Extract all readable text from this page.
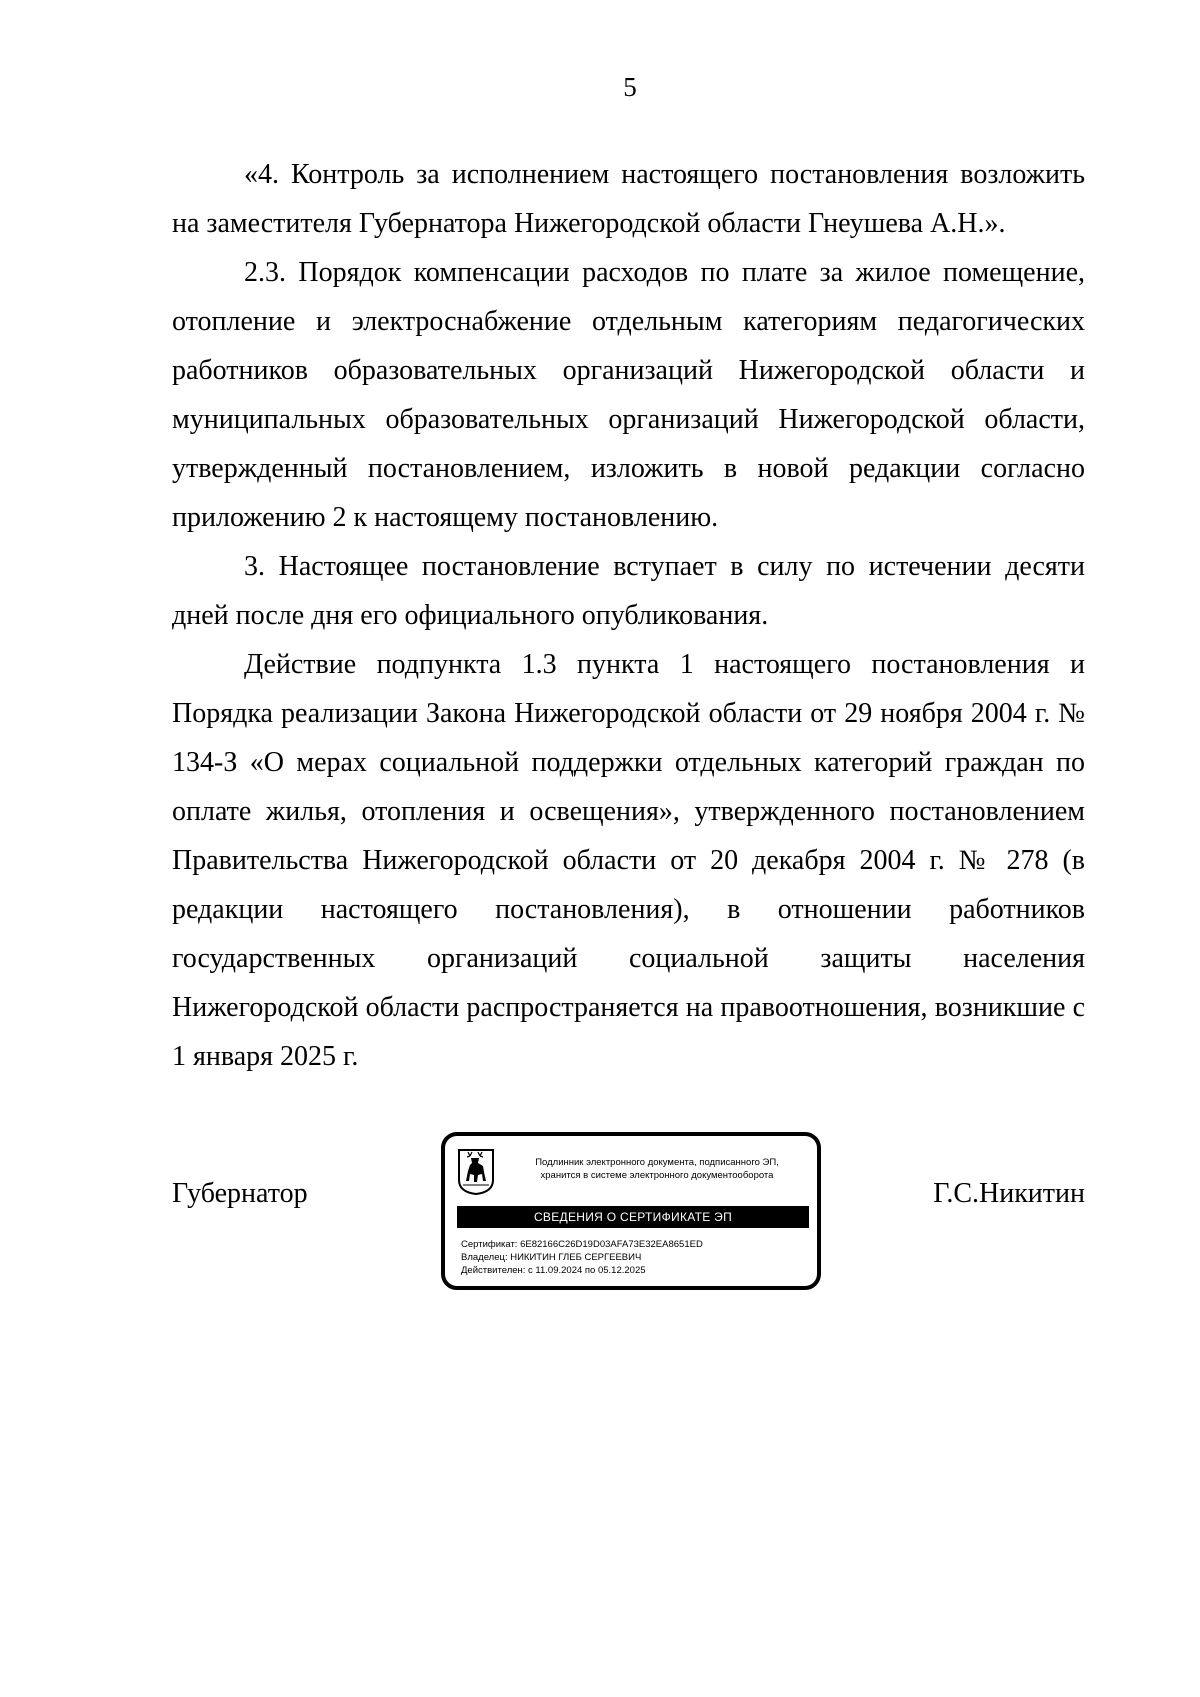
5

«4. Контроль за исполнением настоящего постановления возложить на заместителя Губернатора Нижегородской области Гнеушева А.Н.».

2.3. Порядок компенсации расходов по плате за жилое помещение, отопление и электроснабжение отдельным категориям педагогических работников образовательных организаций Нижегородской области и муниципальных образовательных организаций Нижегородской области, утвержденный постановлением, изложить в новой редакции согласно приложению 2 к настоящему постановлению.

3. Настоящее постановление вступает в силу по истечении десяти дней после дня его официального опубликования.

Действие подпункта 1.3 пункта 1 настоящего постановления и Порядка реализации Закона Нижегородской области от 29 ноября 2004 г. № 134-З «О мерах социальной поддержки отдельных категорий граждан по оплате жилья, отопления и освещения», утвержденного постановлением Правительства Нижегородской области от 20 декабря 2004 г. № 278 (в редакции настоящего постановления), в отношении работников государственных организаций социальной защиты населения Нижегородской области распространяется на правоотношения, возникшие с 1 января 2025 г.

Губернатор	Г.С.Никитин
Подлинник электронного документа, подписанного ЭП,
хранится в системе электронного документооборота
СВЕДЕНИЯ О СЕРТИФИКАТЕ ЭП
Сертификат: 6E82166C26D19D03AFA73E32EA8651ED
Владелец: НИКИТИН ГЛЕБ СЕРГЕЕВИЧ
Действителен: с 11.09.2024 по 05.12.2025
